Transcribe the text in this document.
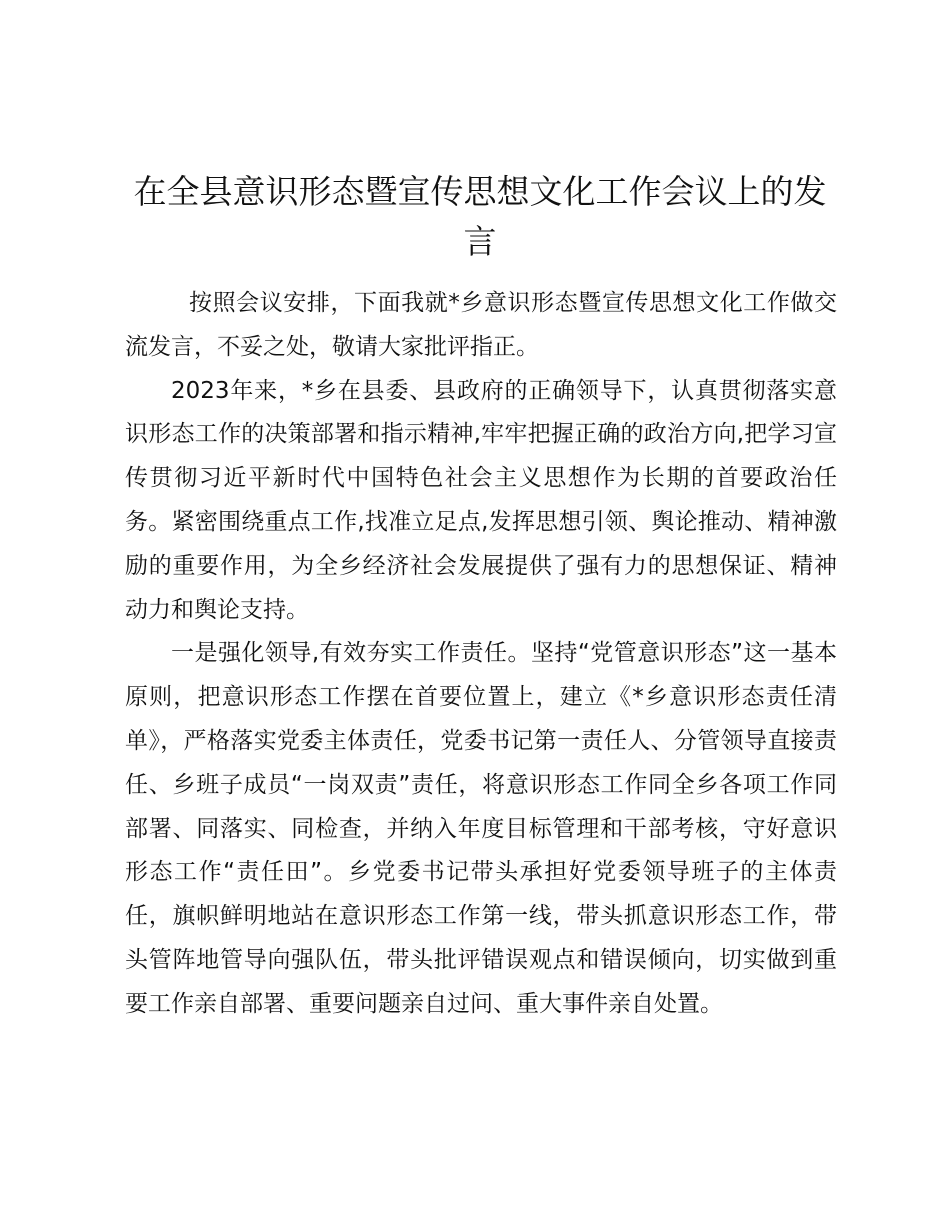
在全县意识形态暨宣传思想文化工作会议上的发言

按照会议安排，下面我就*乡意识形态暨宣传思想文化工作做交流发言，不妥之处，敬请大家批评指正。

2023年来，*乡在县委、县政府的正确领导下，认真贯彻落实意识形态工作的决策部署和指示精神,牢牢把握正确的政治方向,把学习宣传贯彻习近平新时代中国特色社会主义思想作为长期的首要政治任务。紧密围绕重点工作,找准立足点,发挥思想引领、舆论推动、精神激励的重要作用，为全乡经济社会发展提供了强有力的思想保证、精神动力和舆论支持。

一是强化领导,有效夯实工作责任。坚持“党管意识形态”这一基本原则，把意识形态工作摆在首要位置上，建立《*乡意识形态责任清单》，严格落实党委主体责任，党委书记第一责任人、分管领导直接责任、乡班子成员“一岗双责”责任，将意识形态工作同全乡各项工作同部署、同落实、同检查，并纳入年度目标管理和干部考核，守好意识形态工作“责任田”。乡党委书记带头承担好党委领导班子的主体责任，旗帜鲜明地站在意识形态工作第一线，带头抓意识形态工作，带头管阵地管导向强队伍，带头批评错误观点和错误倾向，切实做到重要工作亲自部署、重要问题亲自过问、重大事件亲自处置。
